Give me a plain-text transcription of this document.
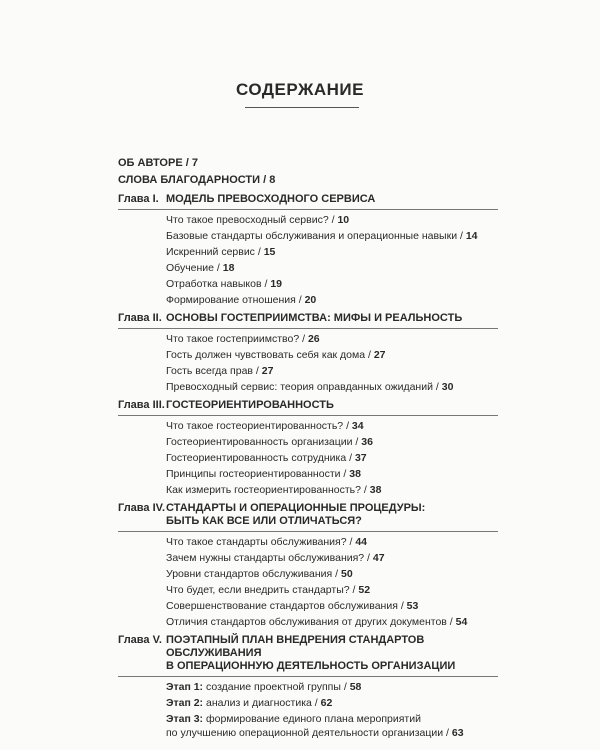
СОДЕРЖАНИЕ
ОБ АВТОРЕ / 7
СЛОВА БЛАГОДАРНОСТИ / 8
Глава I. МОДЕЛЬ ПРЕВОСХОДНОГО СЕРВИСА
Что такое превосходный сервис? / 10
Базовые стандарты обслуживания и операционные навыки / 14
Искренний сервис / 15
Обучение / 18
Отработка навыков / 19
Формирование отношения / 20
Глава II. ОСНОВЫ ГОСТЕПРИИМСТВА: МИФЫ И РЕАЛЬНОСТЬ
Что такое гостеприимство? / 26
Гость должен чувствовать себя как дома / 27
Гость всегда прав / 27
Превосходный сервис: теория оправданных ожиданий / 30
Глава III. ГОСТЕОРИЕНТИРОВАННОСТЬ
Что такое гостеориентированность? / 34
Гостеориентированность организации / 36
Гостеориентированность сотрудника / 37
Принципы гостеориентированности / 38
Как измерить гостеориентированность? / 38
Глава IV. СТАНДАРТЫ И ОПЕРАЦИОННЫЕ ПРОЦЕДУРЫ:
БЫТЬ КАК ВСЕ ИЛИ ОТЛИЧАТЬСЯ?
Что такое стандарты обслуживания? / 44
Зачем нужны стандарты обслуживания? / 47
Уровни стандартов обслуживания / 50
Что будет, если внедрить стандарты? / 52
Совершенствование стандартов обслуживания / 53
Отличия стандартов обслуживания от других документов / 54
Глава V. ПОЭТАПНЫЙ ПЛАН ВНЕДРЕНИЯ СТАНДАРТОВ ОБСЛУЖИВАНИЯ
В ОПЕРАЦИОННУЮ ДЕЯТЕЛЬНОСТЬ ОРГАНИЗАЦИИ
Этап 1: создание проектной группы / 58
Этап 2: анализ и диагностика / 62
Этап 3: формирование единого плана мероприятий
по улучшению операционной деятельности организации / 63
